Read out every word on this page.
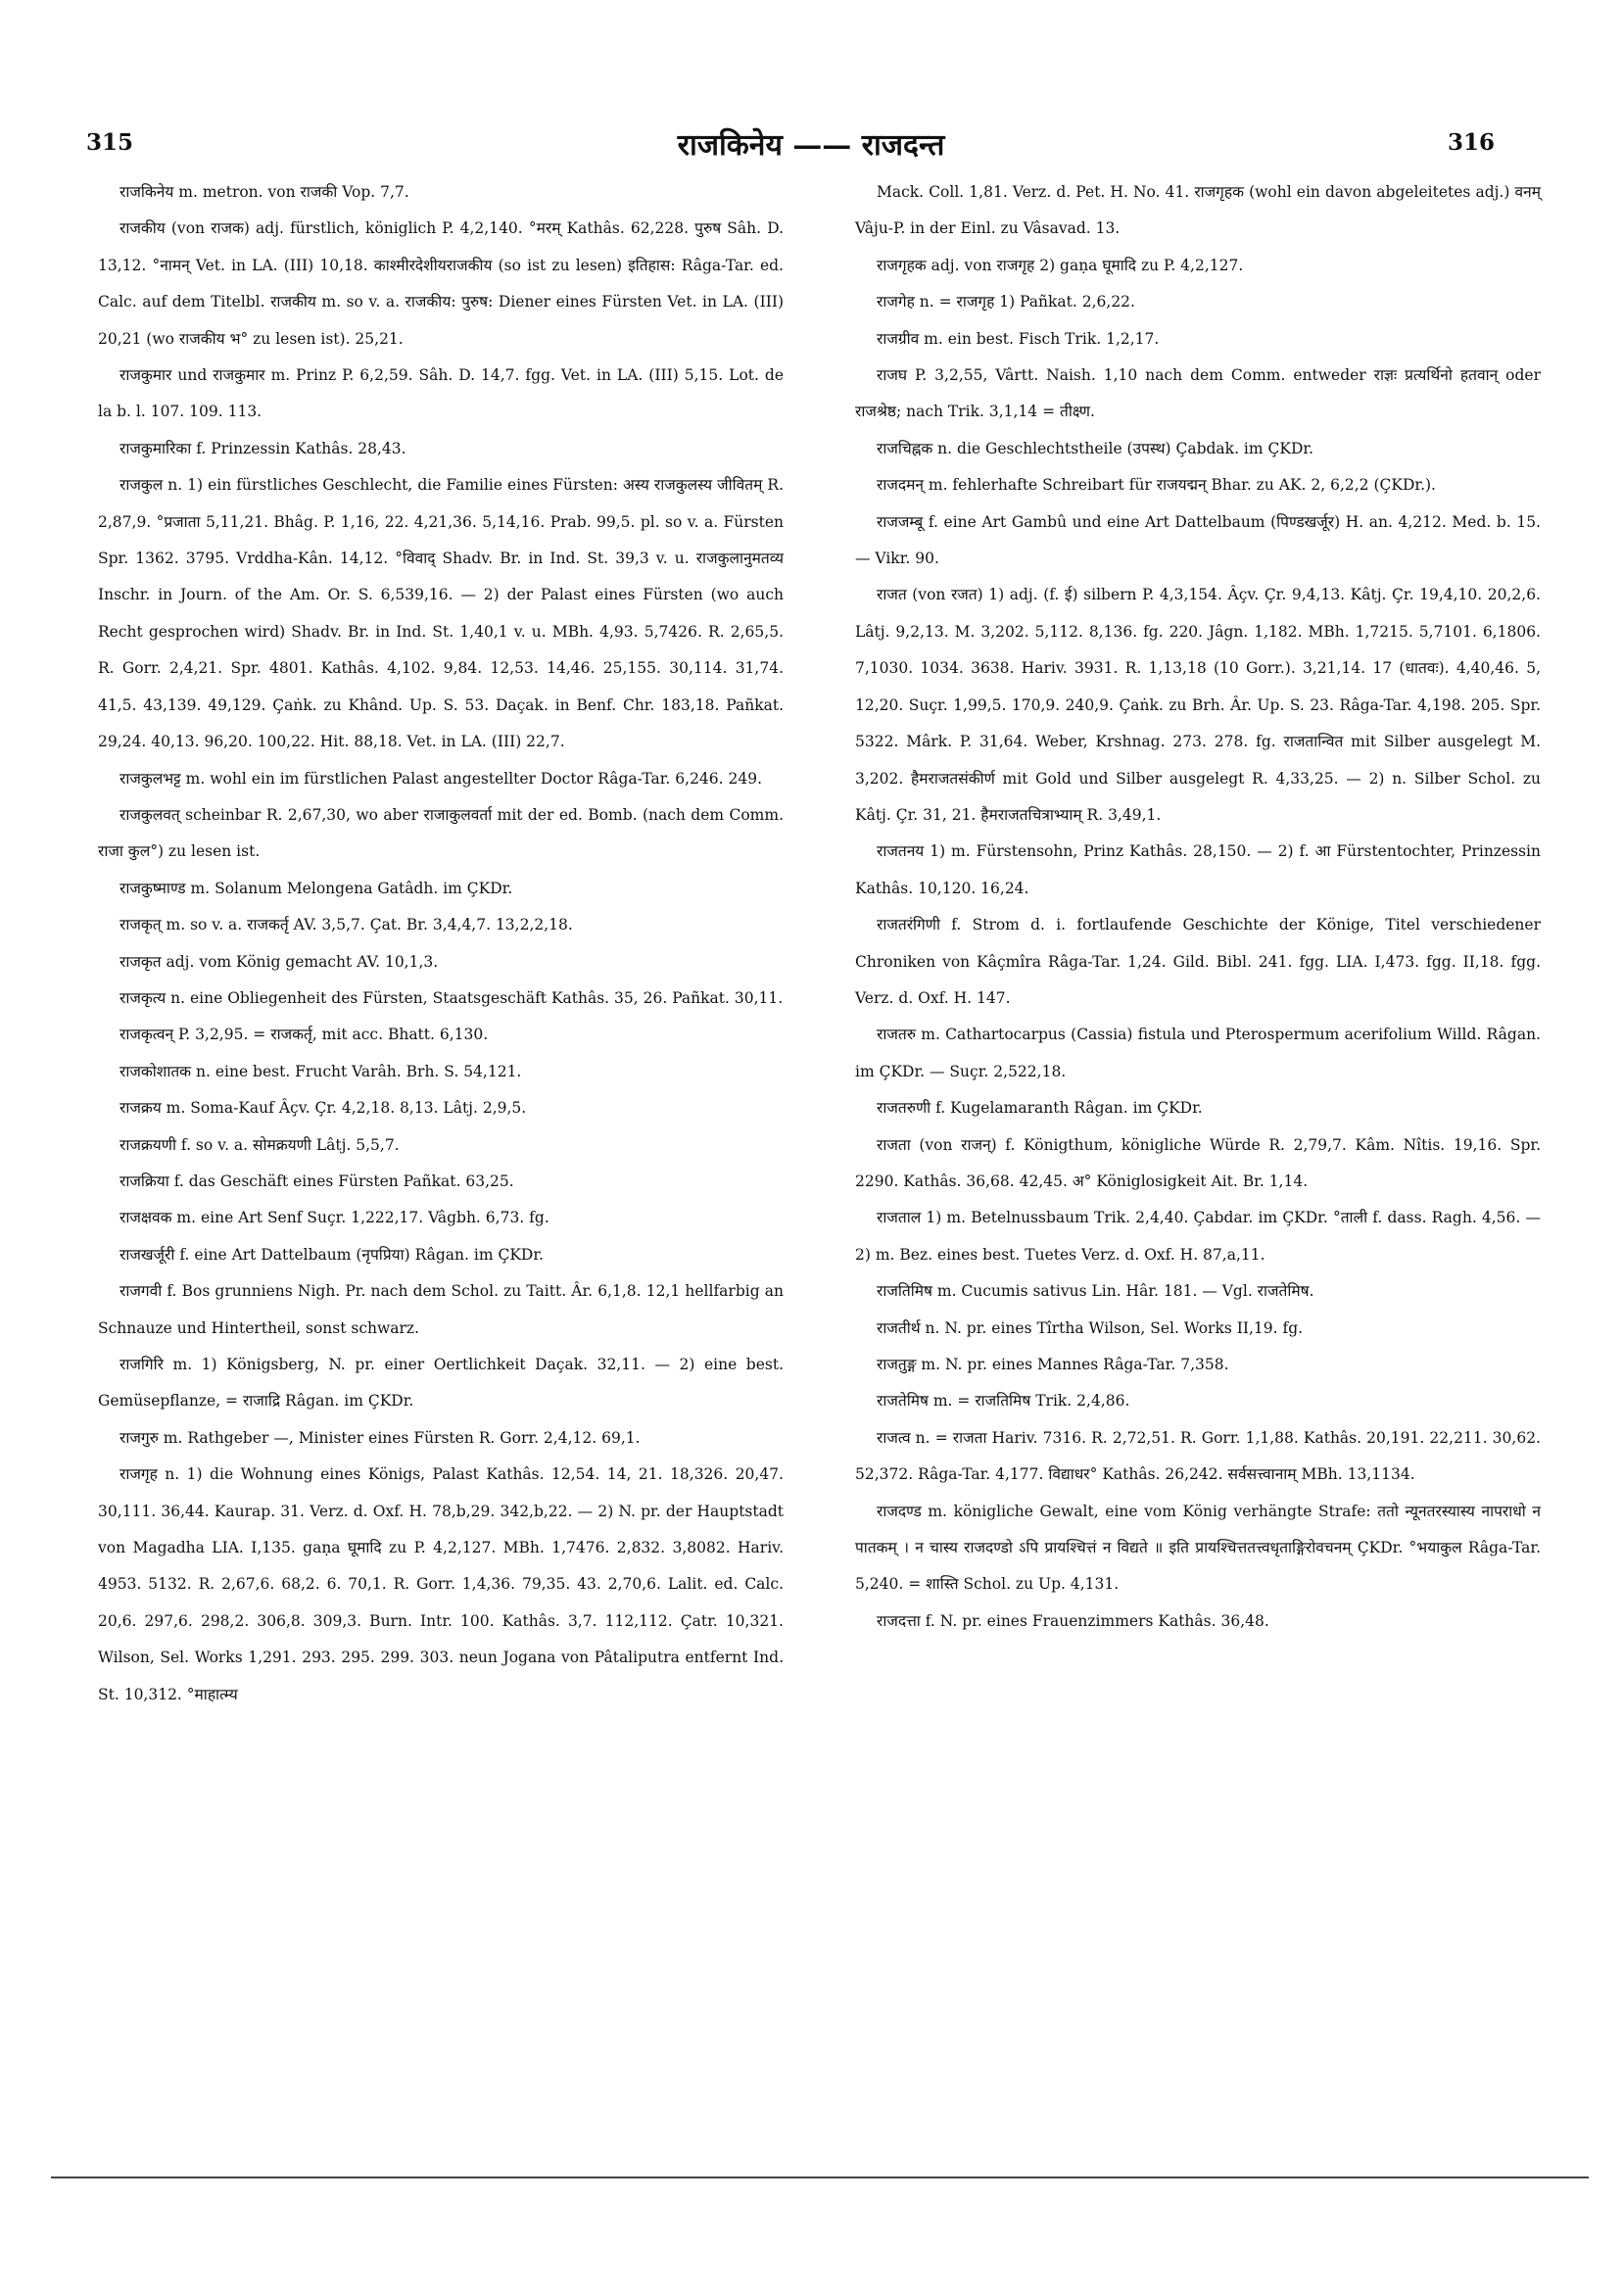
315	राजकिनेय —— राजदन्त	316

राजकिनेय m. metron. von राजकी Vop. 7,7.

राजकीय (von राजक) adj. fürstlich, königlich P. 4,2,140. °मरम् Kathâs. 62,228. पुरुष Sâh. D. 13,12. °नामन् Vet. in LA. (III) 10,18. काश्मीरदेशीयराजकीय (so ist zu lesen) इतिहास: Râga-Tar. ed. Calc. auf dem Titelbl. राजकीय m. so v. a. राजकीय: पुरुष: Diener eines Fürsten Vet. in LA. (III) 20,21 (wo राजकीय भ° zu lesen ist). 25,21.

राजकुमार und राजकुमार m. Prinz P. 6,2,59. Sâh. D. 14,7. fgg. Vet. in LA. (III) 5,15. Lot. de la b. l. 107. 109. 113.

राजकुमारिका f. Prinzessin Kathâs. 28,43.

राजकुल n. 1) ein fürstliches Geschlecht, die Familie eines Fürsten: अस्य राजकुलस्य जीवितम् R. 2,87,9. °प्रजाता 5,11,21. Bhâg. P. 1,16, 22. 4,21,36. 5,14,16. Prab. 99,5. pl. so v. a. Fürsten Spr. 1362. 3795. Vrddha-Kân. 14,12. °विवाद् Shadv. Br. in Ind. St. 39,3 v. u. राजकुलानुमतव्य Inschr. in Journ. of the Am. Or. S. 6,539,16. — 2) der Palast eines Fürsten (wo auch Recht gesprochen wird) Shadv. Br. in Ind. St. 1,40,1 v. u. MBh. 4,93. 5,7426. R. 2,65,5. R. Gorr. 2,4,21. Spr. 4801. Kathâs. 4,102. 9,84. 12,53. 14,46. 25,155. 30,114. 31,74. 41,5. 43,139. 49,129. Çaṅk. zu Khând. Up. S. 53. Daçak. in Benf. Chr. 183,18. Pañkat. 29,24. 40,13. 96,20. 100,22. Hit. 88,18. Vet. in LA. (III) 22,7.

राजकुलभट्ट m. wohl ein im fürstlichen Palast angestellter Doctor Râga-Tar. 6,246. 249.

राजकुलवत् scheinbar R. 2,67,30, wo aber राजाकुलवर्ता mit der ed. Bomb. (nach dem Comm. राजा कुल°) zu lesen ist.

राजकुष्माण्ड m. Solanum Melongena Gatâdh. im ÇKDr.

राजकृत् m. so v. a. राजकर्तृ AV. 3,5,7. Çat. Br. 3,4,4,7. 13,2,2,18.

राजकृत adj. vom König gemacht AV. 10,1,3.

राजकृत्य n. eine Obliegenheit des Fürsten, Staatsgeschäft Kathâs. 35, 26. Pañkat. 30,11.

राजकृत्वन् P. 3,2,95. = राजकर्तृ, mit acc. Bhatt. 6,130.

राजकोशातक n. eine best. Frucht Varâh. Brh. S. 54,121.

राजक्रय m. Soma-Kauf Âçv. Çr. 4,2,18. 8,13. Lâtj. 2,9,5.

राजक्रयणी f. so v. a. सोमक्रयणी Lâtj. 5,5,7.

राजक्रिया f. das Geschäft eines Fürsten Pañkat. 63,25.

राजक्षवक m. eine Art Senf Suçr. 1,222,17. Vâgbh. 6,73. fg.

राजखर्जूरी f. eine Art Dattelbaum (नृपप्रिया) Râgan. im ÇKDr.

राजगवी f. Bos grunniens Nigh. Pr. nach dem Schol. zu Taitt. Âr. 6,1,8. 12,1 hellfarbig an Schnauze und Hintertheil, sonst schwarz.

राजगिरि m. 1) Königsberg, N. pr. einer Oertlichkeit Daçak. 32,11. — 2) eine best. Gemüsepflanze, = राजाद्रि Râgan. im ÇKDr.

राजगुरु m. Rathgeber —, Minister eines Fürsten R. Gorr. 2,4,12. 69,1.

राजगृह n. 1) die Wohnung eines Königs, Palast Kathâs. 12,54. 14, 21. 18,326. 20,47. 30,111. 36,44. Kaurap. 31. Verz. d. Oxf. H. 78,b,29. 342,b,22. — 2) N. pr. der Hauptstadt von Magadha LIA. I,135. gaṇa घूमादि zu P. 4,2,127. MBh. 1,7476. 2,832. 3,8082. Hariv. 4953. 5132. R. 2,67,6. 68,2. 6. 70,1. R. Gorr. 1,4,36. 79,35. 43. 2,70,6. Lalit. ed. Calc. 20,6. 297,6. 298,2. 306,8. 309,3. Burn. Intr. 100. Kathâs. 3,7. 112,112. Çatr. 10,321. Wilson, Sel. Works 1,291. 293. 295. 299. 303. neun Jogana von Pâtaliputra entfernt Ind. St. 10,312. °माहात्म्य

Mack. Coll. 1,81. Verz. d. Pet. H. No. 41. राजगृहक (wohl ein davon abgeleitetes adj.) वनम् Vâju-P. in der Einl. zu Vâsavad. 13.

राजगृहक adj. von राजगृह 2) gaṇa घूमादि zu P. 4,2,127.

राजगेह n. = राजगृह 1) Pañkat. 2,6,22.

राजग्रीव m. ein best. Fisch Trik. 1,2,17.

राजघ P. 3,2,55, Vârtt. Naish. 1,10 nach dem Comm. entweder राज्ञः प्रत्यर्थिनो हतवान् oder राजश्रेष्ठ; nach Trik. 3,1,14 = तीक्ष्ण.

राजचिह्नक n. die Geschlechtstheile (उपस्थ) Çabdak. im ÇKDr.

राजदमन् m. fehlerhafte Schreibart für राजयद्मन् Bhar. zu AK. 2, 6,2,2 (ÇKDr.).

राजजम्बू f. eine Art Gambû und eine Art Dattelbaum (पिण्डखर्जूर) H. an. 4,212. Med. b. 15. — Vikr. 90.

राजत (von रजत) 1) adj. (f. ई) silbern P. 4,3,154. Âçv. Çr. 9,4,13. Kâtj. Çr. 19,4,10. 20,2,6. Lâtj. 9,2,13. M. 3,202. 5,112. 8,136. fg. 220. Jâgn. 1,182. MBh. 1,7215. 5,7101. 6,1806. 7,1030. 1034. 3638. Hariv. 3931. R. 1,13,18 (10 Gorr.). 3,21,14. 17 (धातवः). 4,40,46. 5, 12,20. Suçr. 1,99,5. 170,9. 240,9. Çaṅk. zu Brh. Âr. Up. S. 23. Râga-Tar. 4,198. 205. Spr. 5322. Mârk. P. 31,64. Weber, Krshnag. 273. 278. fg. राजतान्वित mit Silber ausgelegt M. 3,202. हैमराजतसंकीर्ण mit Gold und Silber ausgelegt R. 4,33,25. — 2) n. Silber Schol. zu Kâtj. Çr. 31, 21. हैमराजतचित्राभ्याम् R. 3,49,1.

राजतनय 1) m. Fürstensohn, Prinz Kathâs. 28,150. — 2) f. आ Fürstentochter, Prinzessin Kathâs. 10,120. 16,24.

राजतरंगिणी f. Strom d. i. fortlaufende Geschichte der Könige, Titel verschiedener Chroniken von Kâçmîra Râga-Tar. 1,24. Gild. Bibl. 241. fgg. LIA. I,473. fgg. II,18. fgg. Verz. d. Oxf. H. 147.

राजतरु m. Cathartocarpus (Cassia) fistula und Pterospermum acerifolium Willd. Râgan. im ÇKDr. — Suçr. 2,522,18.

राजतरुणी f. Kugelamaranth Râgan. im ÇKDr.

राजता (von राजन्) f. Königthum, königliche Würde R. 2,79,7. Kâm. Nîtis. 19,16. Spr. 2290. Kathâs. 36,68. 42,45. अ° Königlosigkeit Ait. Br. 1,14.

राजताल 1) m. Betelnussbaum Trik. 2,4,40. Çabdar. im ÇKDr. °ताली f. dass. Ragh. 4,56. — 2) m. Bez. eines best. Tuetes Verz. d. Oxf. H. 87,a,11.

राजतिमिष m. Cucumis sativus Lin. Hâr. 181. — Vgl. राजतेमिष.

राजतीर्थ n. N. pr. eines Tîrtha Wilson, Sel. Works II,19. fg.

राजतुङ्ग m. N. pr. eines Mannes Râga-Tar. 7,358.

राजतेमिष m. = राजतिमिष Trik. 2,4,86.

राजत्व n. = राजता Hariv. 7316. R. 2,72,51. R. Gorr. 1,1,88. Kathâs. 20,191. 22,211. 30,62. 52,372. Râga-Tar. 4,177. विद्याधर° Kathâs. 26,242. सर्वसत्त्वानाम् MBh. 13,1134.

राजदण्ड m. königliche Gewalt, eine vom König verhängte Strafe: ततो न्यूनतरस्यास्य नापराधो न पातकम् । न चास्य राजदण्डो ऽपि प्रायश्चित्तं न विद्यते ॥ इति प्रायश्चित्ततत्त्वधृताङ्गिरोवचनम् ÇKDr. °भयाकुल Râga-Tar. 5,240. = शास्ति Schol. zu Up. 4,131.

राजदत्ता f. N. pr. eines Frauenzimmers Kathâs. 36,48.
